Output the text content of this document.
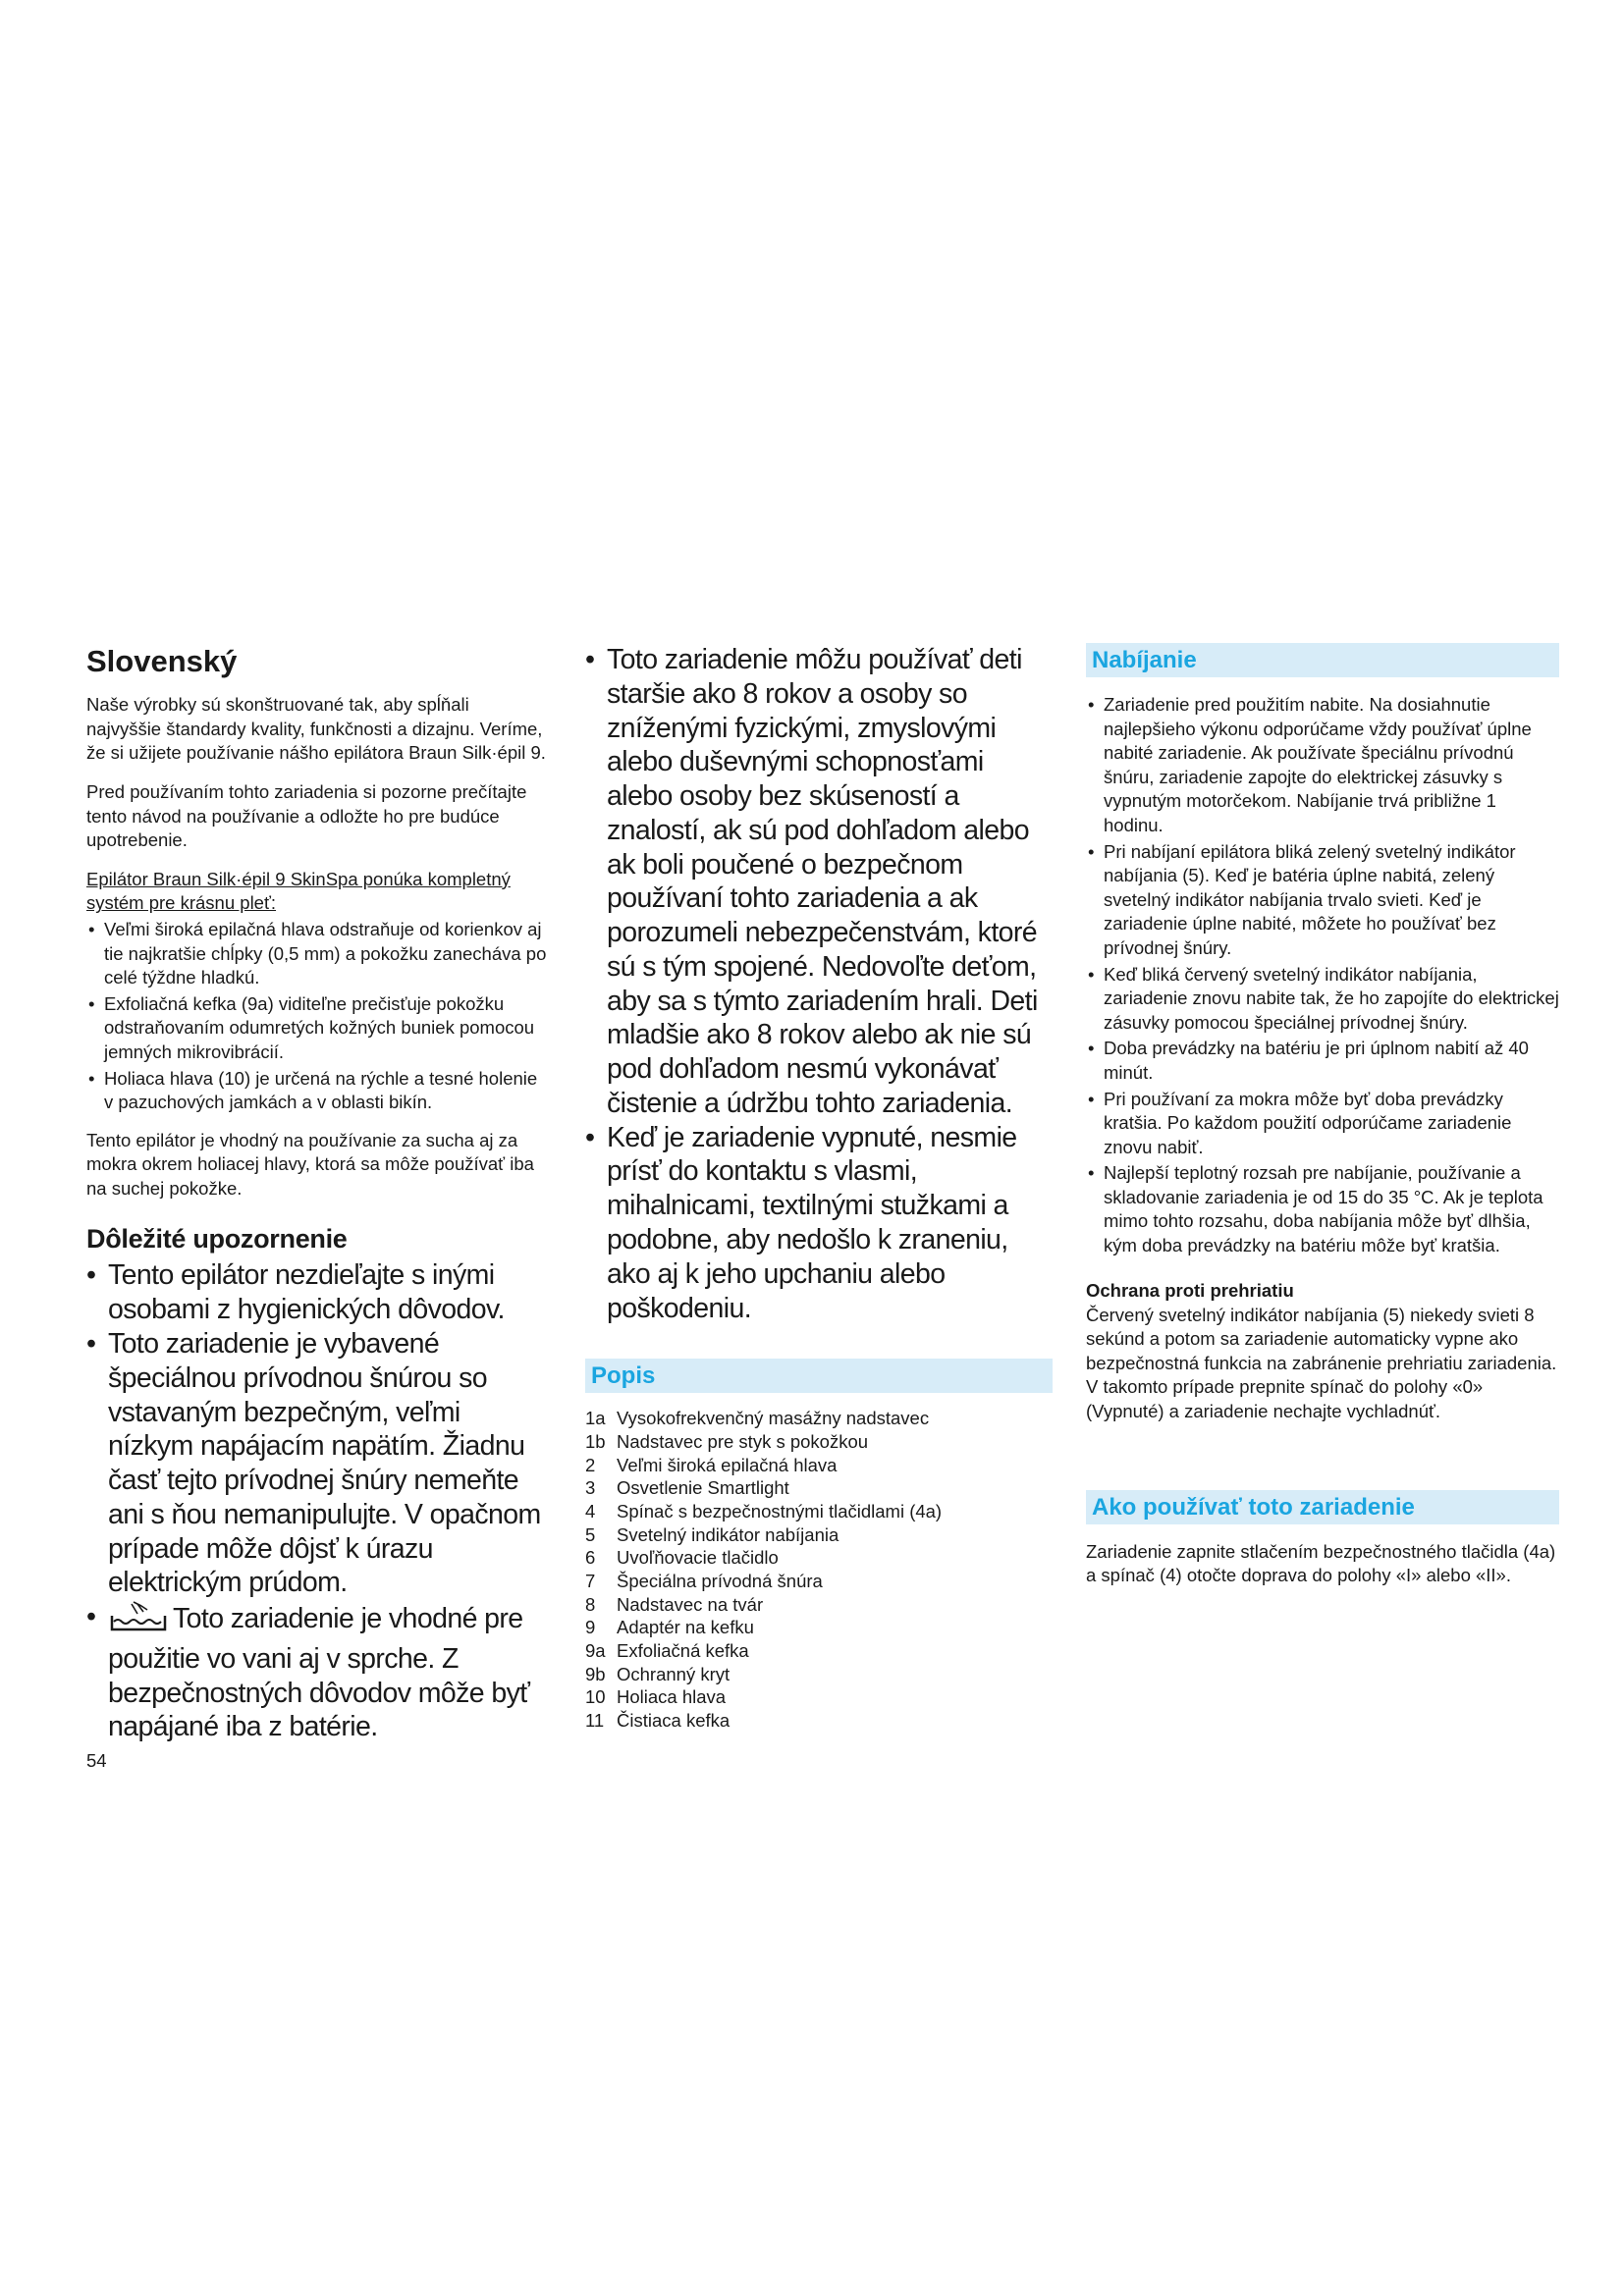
Slovenský

Naše výrobky sú skonštruované tak, aby spĺňali najvyššie štandardy kvality, funkčnosti a dizajnu. Veríme, že si užijete používanie nášho epilátora Braun Silk·épil 9.

Pred používaním tohto zariadenia si pozorne prečítajte tento návod na používanie a odložte ho pre budúce upotrebenie.

Epilátor Braun Silk·épil 9 SkinSpa ponúka kompletný systém pre krásnu pleť:

• Veľmi široká epilačná hlava odstraňuje od korienkov aj tie najkratšie chĺpky (0,5 mm) a pokožku zanecháva po celé týždne hladkú.
• Exfoliačná kefka (9a) viditeľne prečisťuje pokožku odstraňovaním odumretých kožných buniek pomocou jemných mikrovibrácií.
• Holiaca hlava (10) je určená na rýchle a tesné holenie v pazuchových jamkách a v oblasti bikín.

Tento epilátor je vhodný na používanie za sucha aj za mokra okrem holiacej hlavy, ktorá sa môže používať iba na suchej pokožke.

Dôležité upozornenie
• Tento epilátor nezdieľajte s inými osobami z hygienických dôvodov.
• Toto zariadenie je vybavené špeciálnou prívodnou šnúrou so vstavaným bezpečným, veľmi nízkym napájacím napätím. Žiadnu časť tejto prívodnej šnúry nemeňte ani s ňou nemanipulujte. V opačnom prípade môže dôjsť k úrazu elektrickým prúdom.
• Toto zariadenie je vhodné pre použitie vo vani aj v sprche. Z bezpečnostných dôvodov môže byť napájané iba z batérie.
54
• Toto zariadenie môžu používať deti staršie ako 8 rokov a osoby so zníženými fyzickými, zmyslovými alebo duševnými schopnosťami alebo osoby bez skúseností a znalostí, ak sú pod dohľadom alebo ak boli poučené o bezpečnom používaní tohto zariadenia a ak porozumeli nebezpečenstvám, ktoré sú s tým spojené. Nedovoľte deťom, aby sa s týmto zariadením hrali. Deti mladšie ako 8 rokov alebo ak nie sú pod dohľadom nesmú vykonávať čistenie a údržbu tohto zariadenia.
• Keď je zariadenie vypnuté, nesmie prísť do kontaktu s vlasmi, mihalnicami, textilnými stužkami a podobne, aby nedošlo k zraneniu, ako aj k jeho upchaniu alebo poškodeniu.
Popis
1a Vysokofrekvenčný masážny nadstavec
1b Nadstavec pre styk s pokožkou
2	Veľmi široká epilačná hlava
3	Osvetlenie Smartlight
4	Spínač s bezpečnostnými tlačidlami (4a)
5	Svetelný indikátor nabíjania
6	Uvoľňovacie tlačidlo
7	Špeciálna prívodná šnúra
8	Nadstavec na tvár
9	Adaptér na kefku
9a Exfoliačná kefka
9b Ochranný kryt
10 Holiaca hlava
11 Čistiaca kefka
Nabíjanie
• Zariadenie pred použitím nabite. Na dosiahnutie najlepšieho výkonu odporúčame vždy používať úplne nabité zariadenie. Ak používate špeciálnu prívodnú šnúru, zariadenie zapojte do elektrickej zásuvky s vypnutým motorčekom. Nabíjanie trvá približne 1 hodinu.
• Pri nabíjaní epilátora bliká zelený svetelný indikátor nabíjania (5). Keď je batéria úplne nabitá, zelený svetelný indikátor nabíjania trvalo svieti. Keď je zariadenie úplne nabité, môžete ho používať bez prívodnej šnúry.
• Keď bliká červený svetelný indikátor nabíjania, zariadenie znovu nabite tak, že ho zapojíte do elektrickej zásuvky pomocou špeciálnej prívodnej šnúry.
• Doba prevádzky na batériu je pri úplnom nabití až 40 minút.
• Pri používaní za mokra môže byť doba prevádzky kratšia. Po každom použití odporúčame zariadenie znovu nabiť.
• Najlepší teplotný rozsah pre nabíjanie, používanie a skladovanie zariadenia je od 15 do 35 °C. Ak je teplota mimo tohto rozsahu, doba nabíjania môže byť dlhšia, kým doba prevádzky na batériu môže byť kratšia.
Ochrana proti prehriatiu

Červený svetelný indikátor nabíjania (5) niekedy svieti 8 sekúnd a potom sa zariadenie automaticky vypne ako bezpečnostná funkcia na zabránenie prehriatiu zariadenia. V takomto prípade prepnite spínač do polohy «0» (Vypnuté) a zariadenie nechajte vychladnúť.

Ako používať toto zariadenie

Zariadenie zapnite stlačením bezpečnostného tlačidla (4a) a spínač (4) otočte doprava do polohy «I» alebo «II».
